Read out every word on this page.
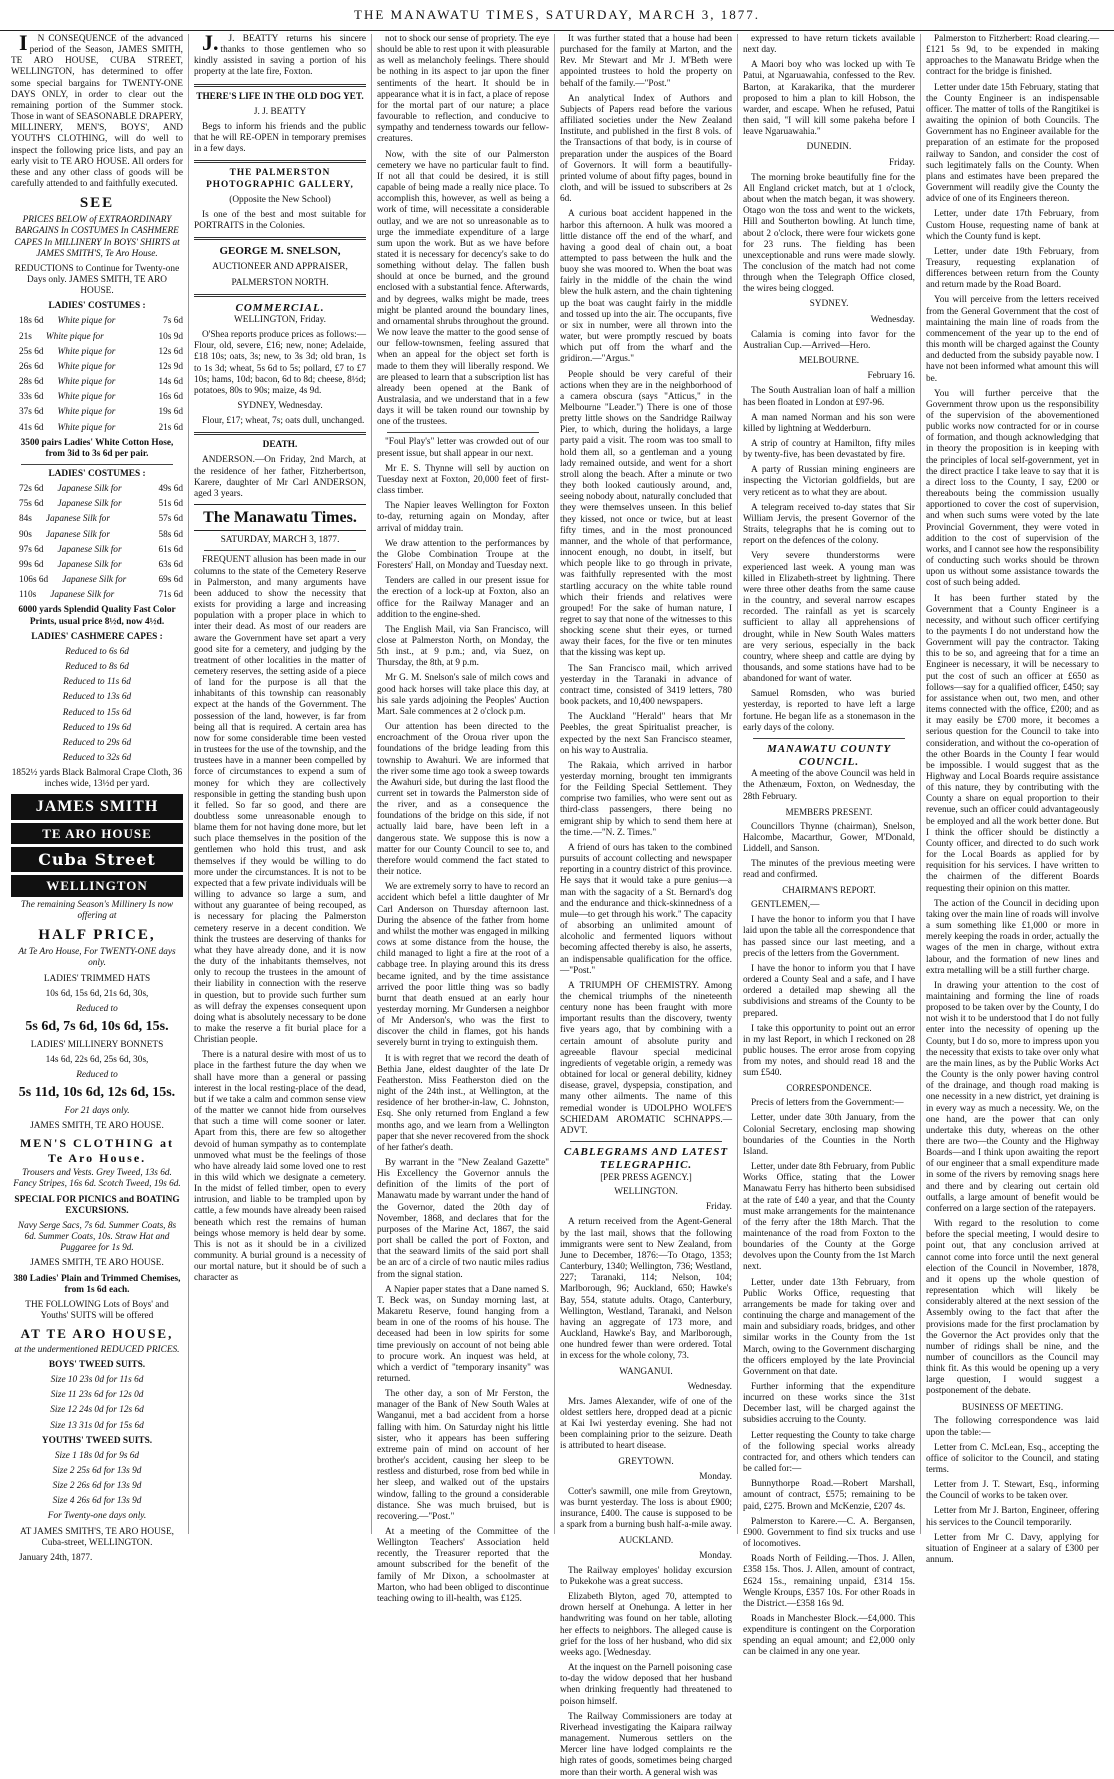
THE MANAWATU TIMES, SATURDAY, MARCH 3, 1877.

IN CONSEQUENCE of the advanced period of the Season, JAMES SMITH, TE ARO HOUSE, CUBA STREET, WELLINGTON, has determined to offer some special bargains for TWENTY-ONE DAYS ONLY, in order to clear out the remaining portion of the Summer stock. Those in want of SEASONABLE DRAPERY, MILLINERY, MEN'S, BOYS', AND YOUTH'S CLOTHING, will do well to inspect the following price lists, and pay an early visit to TE ARO HOUSE. All orders for these and any other class of goods will be carefully attended to and faithfully executed.

SEE

PRICES BELOW of EXTRAORDINARY BARGAINS In COSTUMES In CASHMERE CAPES In MILLINERY In BOYS' SHIRTS at JAMES SMITH'S, Te Aro House.

REDUCTIONS to Continue for Twenty-one Days only. JAMES SMITH, TE ARO HOUSE.

LADIES' COSTUMES :

18s 6d	White pique for	7s 6d

21s	White pique for	10s 9d

25s 6d	White pique for	12s 6d

26s 6d	White pique for	12s 9d

28s 6d	White pique for	14s 6d

33s 6d	White pique for	16s 6d

37s 6d	White pique for	19s 6d

41s 6d	White pique for	21s 6d

3500 pairs Ladies' White Cotton Hose, from 3id to 3s 6d per pair.

LADIES' COSTUMES :

72s 6d	Japanese Silk for	49s 6d

75s 6d	Japanese Silk for	51s 6d

84s	Japanese Silk for	57s 6d

90s	Japanese Silk for	58s 6d

97s 6d	Japanese Silk for	61s 6d

99s 6d	Japanese Silk for	63s 6d

106s 6d	Japanese Silk for	69s 6d

110s	Japanese Silk for	71s 6d

6000 yards Splendid Quality Fast Color Prints, usual price 8½d, now 4½d.

LADIES' CASHMERE CAPES :

Reduced to 6s 6d

Reduced to 8s 6d

Reduced to 11s 6d

Reduced to 13s 6d

Reduced to 15s 6d

Reduced to 19s 6d

Reduced to 29s 6d

Reduced to 32s 6d

1852½ yards Black Balmoral Crape Cloth, 36 inches wide, 13½d per yard.

JAMES SMITH
TE ARO HOUSE
Cuba Street
WELLINGTON

The remaining Season's Millinery Is now offering at

HALF PRICE,

At Te Aro House, For TWENTY-ONE days only.

LADIES' TRIMMED HATS

10s 6d, 15s 6d, 21s 6d, 30s,

Reduced to

5s 6d, 7s 6d, 10s 6d, 15s.

LADIES' MILLINERY BONNETS

14s 6d, 22s 6d, 25s 6d, 30s,

Reduced to

5s 11d, 10s 6d, 12s 6d, 15s.

For 21 days only.

JAMES SMITH, TE ARO HOUSE.

MEN'S CLOTHING at Te Aro House.

Trousers and Vests. Grey Tweed, 13s 6d. Fancy Stripes, 16s 6d. Scotch Tweed, 19s 6d.

SPECIAL FOR PICNICS and BOATING EXCURSIONS.

Navy Serge Sacs, 7s 6d. Summer Coats, 8s 6d. Summer Coats, 10s. Straw Hat and Puggaree for 1s 9d.

JAMES SMITH, TE ARO HOUSE.

380 Ladies' Plain and Trimmed Chemises, from 1s 6d each.

THE FOLLOWING Lots of Boys' and Youths' SUITS will be offered

AT TE ARO HOUSE,

at the undermentioned REDUCED PRICES.

BOYS' TWEED SUITS.

Size 10 23s 0d for 11s 6d

Size 11 23s 6d for 12s 0d

Size 12 24s 0d for 12s 6d

Size 13 31s 0d for 15s 6d

YOUTHS' TWEED SUITS.

Size 1 18s 0d for 9s 6d

Size 2 25s 6d for 13s 9d

Size 2 26s 6d for 13s 9d

Size 4 26s 6d for 13s 9d

For Twenty-one days only.

AT JAMES SMITH'S, TE ARO HOUSE, Cuba-street, WELLINGTON.

January 24th, 1877.

J.J. BEATTY returns his sincere thanks to those gentlemen who so kindly assisted in saving a portion of his property at the late fire, Foxton.

THERE'S LIFE IN THE OLD DOG YET.

J. J. BEATTY

Begs to inform his friends and the public that he will RE-OPEN in temporary premises in a few days.

THE PALMERSTON PHOTOGRAPHIC GALLERY,

(Opposite the New School)

Is one of the best and most suitable for PORTRAITS in the Colonies.

GEORGE M. SNELSON,

AUCTIONEER AND APPRAISER,

PALMERSTON NORTH.

COMMERCIAL.

WELLINGTON, Friday.

O'Shea reports produce prices as follows:—Flour, old, severe, £16; new, none; Adelaide, £18 10s; oats, 3s; new, to 3s 3d; old bran, 1s to 1s 3d; wheat, 5s 6d to 5s; pollard, £7 to £7 10s; hams, 10d; bacon, 6d to 8d; cheese, 8½d; potatoes, 80s to 90s; maize, 4s 9d.

SYDNEY, Wednesday.

Flour, £17; wheat, 7s; oats dull, unchanged.

DEATH.

ANDERSON.—On Friday, 2nd March, at the residence of her father, Fitzherbertson, Karere, daughter of Mr Carl ANDERSON, aged 3 years.

The Manawatu Times.

SATURDAY, MARCH 3, 1877.

FREQUENT allusion has been made in our columns to the state of the Cemetery Reserve in Palmerston, and many arguments have been adduced to show the necessity that exists for providing a large and increasing population with a proper place in which to inter their dead. As most of our readers are aware the Government have set apart a very good site for a cemetery, and judging by the treatment of other localities in the matter of cemetery reserves, the setting aside of a piece of land for the purpose is all that the inhabitants of this township can reasonably expect at the hands of the Government. The possession of the land, however, is far from being all that is required. A certain area has now for some considerable time been vested in trustees for the use of the township, and the trustees have in a manner been compelled by force of circumstances to expend a sum of money for which they are collectively responsible in getting the standing bush upon it felled. So far so good, and there are doubtless some unreasonable enough to blame them for not having done more, but let such place themselves in the position of the gentlemen who hold this trust, and ask themselves if they would be willing to do more under the circumstances. It is not to be expected that a few private individuals will be willing to advance so large a sum, and without any guarantee of being recouped, as is necessary for placing the Palmerston cemetery reserve in a decent condition. We think the trustees are deserving of thanks for what they have already done, and it is now the duty of the inhabitants themselves, not only to recoup the trustees in the amount of their liability in connection with the reserve in question, but to provide such further sum as will defray the expenses consequent upon doing what is absolutely necessary to be done to make the reserve a fit burial place for a Christian people.

There is a natural desire with most of us to place in the farthest future the day when we shall have more than a general or passing interest in the local resting-place of the dead, but if we take a calm and common sense view of the matter we cannot hide from ourselves that such a time will come sooner or later. Apart from this, there are few so altogether devoid of human sympathy as to contemplate unmoved what must be the feelings of those who have already laid some loved one to rest in this wild which we designate a cemetery. In the midst of felled timber, open to every intrusion, and liable to be trampled upon by cattle, a few mounds have already been raised beneath which rest the remains of human beings whose memory is held dear by some. This is not as it should be in a civilized community. A burial ground is a necessity of our mortal nature, but it should be of such a character as

not to shock our sense of propriety. The eye should be able to rest upon it with pleasurable as well as melancholy feelings. There should be nothing in its aspect to jar upon the finer sentiments of the heart. It should be in appearance what it is in fact, a place of repose for the mortal part of our nature; a place favourable to reflection, and conducive to sympathy and tenderness towards our fellow-creatures.

Now, with the site of our Palmerston cemetery we have no particular fault to find. If not all that could be desired, it is still capable of being made a really nice place. To accomplish this, however, as well as being a work of time, will necessitate a considerable outlay, and we are not so unreasonable as to urge the immediate expenditure of a large sum upon the work. But as we have before stated it is necessary for decency's sake to do something without delay. The fallen bush should at once be burned, and the ground enclosed with a substantial fence. Afterwards, and by degrees, walks might be made, trees might be planted around the boundary lines, and ornamental shrubs throughout the ground. We now leave the matter to the good sense of our fellow-townsmen, feeling assured that when an appeal for the object set forth is made to them they will liberally respond. We are pleased to learn that a subscription list has already been opened at the Bank of Australasia, and we understand that in a few days it will be taken round our township by one of the trustees.

"Foul Play's" letter was crowded out of our present issue, but shall appear in our next.

Mr E. S. Thynne will sell by auction on Tuesday next at Foxton, 20,000 feet of first-class timber.

The Napier leaves Wellington for Foxton to-day, returning again on Monday, after arrival of midday train.

We draw attention to the performances by the Globe Combination Troupe at the Foresters' Hall, on Monday and Tuesday next.

Tenders are called in our present issue for the erection of a lock-up at Foxton, also an office for the Railway Manager and an addition to the engine-shed.

The English Mail, via San Francisco, will close at Palmerston North, on Monday, the 5th inst., at 9 p.m.; and, via Suez, on Thursday, the 8th, at 9 p.m.

Mr G. M. Snelson's sale of milch cows and good hack horses will take place this day, at his sale yards adjoining the Peoples' Auction Mart. Sale commences at 2 o'clock p.m.

Our attention has been directed to the encroachment of the Oroua river upon the foundations of the bridge leading from this township to Awahuri. We are informed that the river some time ago took a sweep towards the Awahuri side, but during the last flood the current set in towards the Palmerston side of the river, and as a consequence the foundations of the bridge on this side, if not actually laid bare, have been left in a dangerous state. We suppose this is now a matter for our County Council to see to, and therefore would commend the fact stated to their notice.

We are extremely sorry to have to record an accident which befel a little daughter of Mr Carl Anderson on Thursday afternoon last. During the absence of the father from home and whilst the mother was engaged in milking cows at some distance from the house, the child managed to light a fire at the root of a cabbage tree. In playing around this its dress became ignited, and by the time assistance arrived the poor little thing was so badly burnt that death ensued at an early hour yesterday morning. Mr Gundersen a neighbor of Mr Anderson's, who was the first to discover the child in flames, got his hands severely burnt in trying to extinguish them.

It is with regret that we record the death of Bethia Jane, eldest daughter of the late Dr Featherston. Miss Featherston died on the night of the 24th inst., at Wellington, at the residence of her brother-in-law, C. Johnston, Esq. She only returned from England a few months ago, and we learn from a Wellington paper that she never recovered from the shock of her father's death.

By warrant in the "New Zealand Gazette" His Excellency the Governor annuls the definition of the limits of the port of Manawatu made by warrant under the hand of the Governor, dated the 20th day of November, 1868, and declares that for the purposes of the Marine Act, 1867, the said port shall be called the port of Foxton, and that the seaward limits of the said port shall be an arc of a circle of two nautic miles radius from the signal station.

A Napier paper states that a Dane named S. T. Beck was, on Sunday morning last, at Makaretu Reserve, found hanging from a beam in one of the rooms of his house. The deceased had been in low spirits for some time previously on account of not being able to procure work. An inquest was held, at which a verdict of "temporary insanity" was returned.

The other day, a son of Mr Ferston, the manager of the Bank of New South Wales at Wanganui, met a bad accident from a horse falling with him. On Saturday night his little sister, who it appears has been suffering extreme pain of mind on account of her brother's accident, causing her sleep to be restless and disturbed, rose from bed while in her sleep, and walked out of the upstairs window, falling to the ground a considerable distance. She was much bruised, but is recovering.—"Post."

At a meeting of the Committee of the Wellington Teachers' Association held recently, the Treasurer reported that the amount subscribed for the benefit of the family of Mr Dixon, a schoolmaster at Marton, who had been obliged to discontinue teaching owing to ill-health, was £125.

It was further stated that a house had been purchased for the family at Marton, and the Rev. Mr Stewart and Mr J. M'Beth were appointed trustees to hold the property on behalf of the family.—"Post."

An analytical Index of Authors and Subjects of Papers read before the various affiliated societies under the New Zealand Institute, and published in the first 8 vols. of the Transactions of that body, is in course of preparation under the auspices of the Board of Governors. It will form a beautifully-printed volume of about fifty pages, bound in cloth, and will be issued to subscribers at 2s 6d.

A curious boat accident happened in the harbor this afternoon. A hulk was moored a little distance off the end of the wharf, and having a good deal of chain out, a boat attempted to pass between the hulk and the buoy she was moored to. When the boat was fairly in the middle of the chain the wind blew the hulk astern, and the chain tightening up the boat was caught fairly in the middle and tossed up into the air. The occupants, five or six in number, were all thrown into the water, but were promptly rescued by boats which put off from the wharf and the gridiron.—"Argus."

People should be very careful of their actions when they are in the neighborhood of a camera obscura (says "Atticus," in the Melbourne "Leader.") There is one of those pretty little shows on the Sandridge Railway Pier, to which, during the holidays, a large party paid a visit. The room was too small to hold them all, so a gentleman and a young lady remained outside, and went for a short stroll along the beach. After a minute or two they both looked cautiously around, and, seeing nobody about, naturally concluded that they were themselves unseen. In this belief they kissed, not once or twice, but at least fifty times, and in the most pronounced manner, and the whole of that performance, innocent enough, no doubt, in itself, but which people like to go through in private, was faithfully represented with the most startling accuracy on the white table round which their friends and relatives were grouped! For the sake of human nature, I regret to say that none of the witnesses to this shocking scene shut their eyes, or turned away their faces, for the five or ten minutes that the kissing was kept up.

The San Francisco mail, which arrived yesterday in the Taranaki in advance of contract time, consisted of 3419 letters, 780 book packets, and 10,400 newspapers.

The Auckland "Herald" hears that Mr Peebles, the great Spiritualist preacher, is expected by the next San Francisco steamer, on his way to Australia.

The Rakaia, which arrived in harbor yesterday morning, brought ten immigrants for the Feilding Special Settlement. They comprise two families, who were sent out as third-class passengers, there being no emigrant ship by which to send them here at the time.—"N. Z. Times."

A friend of ours has taken to the combined pursuits of account collecting and newspaper reporting in a country district of this province. He says that it would take a pure genius—a man with the sagacity of a St. Bernard's dog and the endurance and thick-skinnedness of a mule—to get through his work." The capacity of absorbing an unlimited amount of alcoholic and fermented liquors without becoming affected thereby is also, he asserts, an indispensable qualification for the office.—"Post."

A TRIUMPH OF CHEMISTRY. Among the chemical triumphs of the nineteenth century none has been fraught with more important results than the discovery, twenty five years ago, that by combining with a certain amount of absolute purity and agreeable flavour special medicinal ingredients of vegetable origin, a remedy was obtained for local or general debility, kidney disease, gravel, dyspepsia, constipation, and many other ailments. The name of this remedial wonder is UDOLPHO WOLFE'S SCHIEDAM AROMATIC SCHNAPPS.—ADVT.

CABLEGRAMS AND LATEST TELEGRAPHIC.

[PER PRESS AGENCY.]

WELLINGTON.

Friday.

A return received from the Agent-General by the last mail, shows that the following immigrants were sent to New Zealand, from June to December, 1876:—To Otago, 1353; Canterbury, 1340; Wellington, 736; Westland, 227; Taranaki, 114; Nelson, 104; Marlborough, 96; Auckland, 650; Hawke's Bay, 554, statute adults. Otago, Canterbury, Wellington, Westland, Taranaki, and Nelson having an aggregate of 173 more, and Auckland, Hawke's Bay, and Marlborough, one hundred fewer than were ordered. Total in excess for the whole colony, 73.

WANGANUI.

Wednesday.

Mrs. James Alexander, wife of one of the oldest settlers here, dropped dead at a picnic at Kai Iwi yesterday evening. She had not been complaining prior to the seizure. Death is attributed to heart disease.

GREYTOWN.

Monday.

Cotter's sawmill, one mile from Greytown, was burnt yesterday. The loss is about £900; insurance, £400. The cause is supposed to be a spark from a burning bush half-a-mile away.

AUCKLAND.

Monday.

The Railway employes' holiday excursion to Pukekohe was a great success.

Elizabeth Blyton, aged 70, attempted to drown herself at Onehunga. A letter in her handwriting was found on her table, alloting her effects to neighbors. The alleged cause is grief for the loss of her husband, who did six weeks ago. [Wednesday.

At the inquest on the Parnell poisoning case to-day the widow deposed that her husband when drinking frequently had threatened to poison himself.

The Railway Commissioners are today at Riverhead investigating the Kaipara railway management. Numerous settlers on the Mercer line have lodged complaints re the high rates of goods, sometimes being charged more than their worth. A general wish was

expressed to have return tickets available next day.

A Maori boy who was locked up with Te Patui, at Ngaruawahia, confessed to the Rev. Barton, at Karakarika, that the murderer proposed to him a plan to kill Hobson, the warder, and escape. When he refused, Patui then said, "I will kill some pakeha before I leave Ngaruawahia."

DUNEDIN.

Friday.

The morning broke beautifully fine for the All England cricket match, but at 1 o'clock, about when the match began, it was showery. Otago won the toss and went to the wickets, Hill and Southerton bowling. At lunch time, about 2 o'clock, there were four wickets gone for 23 runs. The fielding has been unexceptionable and runs were made slowly. The conclusion of the match had not come through when the Telegraph Office closed, the wires being clogged.

SYDNEY.

Wednesday.

Calamia is coming into favor for the Australian Cup.—Arrived—Hero.

MELBOURNE.

February 16.

The South Australian loan of half a million has been floated in London at £97-96.

A man named Norman and his son were killed by lightning at Wedderburn.

A strip of country at Hamilton, fifty miles by twenty-five, has been devastated by fire.

A party of Russian mining engineers are inspecting the Victorian goldfields, but are very reticent as to what they are about.

A telegram received to-day states that Sir William Jervis, the present Governor of the Straits, telegraphs that he is coming out to report on the defences of the colony.

Very severe thunderstorms were experienced last week. A young man was killed in Elizabeth-street by lightning. There were three other deaths from the same cause in the country, and several narrow escapes recorded. The rainfall as yet is scarcely sufficient to allay all apprehensions of drought, while in New South Wales matters are very serious, especially in the back country, where sheep and cattle are dying by thousands, and some stations have had to be abandoned for want of water.

Samuel Romsden, who was buried yesterday, is reported to have left a large fortune. He began life as a stonemason in the early days of the colony.

MANAWATU COUNTY COUNCIL.

A meeting of the above Council was held in the Athenæum, Foxton, on Wednesday, the 28th February.

MEMBERS PRESENT.

Councillors Thynne (chairman), Snelson, Halcombe, Macarthur, Gower, M'Donald, Liddell, and Sanson.

The minutes of the previous meeting were read and confirmed.

CHAIRMAN'S REPORT.

GENTLEMEN,—

I have the honor to inform you that I have laid upon the table all the correspondence that has passed since our last meeting, and a precis of the letters from the Government.

I have the honor to inform you that I have ordered a County Seal and a safe, and I have ordered a detailed map shewing all the subdivisions and streams of the County to be prepared.

I take this opportunity to point out an error in my last Report, in which I reckoned on 28 public houses. The error arose from copying from my notes, and should read 18 and the sum £540.

CORRESPONDENCE.

Precis of letters from the Government:—

Letter, under date 30th January, from the Colonial Secretary, enclosing map showing boundaries of the Counties in the North Island.

Letter, under date 8th February, from Public Works Office, stating that the Lower Manawatu Ferry has hitherto been subsidised at the rate of £40 a year, and that the County must make arrangements for the maintenance of the ferry after the 18th March. That the maintenance of the road from Foxton to the boundaries of the County at the Gorge devolves upon the County from the 1st March next.

Letter, under date 13th February, from Public Works Office, requesting that arrangements be made for taking over and continuing the charge and management of the main and subsidiary roads, bridges, and other similar works in the County from the 1st March, owing to the Government discharging the officers employed by the late Provincial Government on that date.

Further informing that the expenditure incurred on these works since the 31st December last, will be charged against the subsidies accruing to the County.

Letter requesting the County to take charge of the following special works already contracted for, and others which tenders can be called for:—

Bunnythorpe Road.—Robert Marshall, amount of contract, £575; remaining to be paid, £275. Brown and McKenzie, £207 4s.

Palmerston to Karere.—C. A. Bergansen, £900. Government to find six trucks and use of locomotives.

Roads North of Feilding.—Thos. J. Allen, £358 15s. Thos. J. Allen, amount of contract, £624 15s., remaining unpaid, £314 15s. Wengle Kroups, £357 10s. For other Roads in the District.—£358 16s 9d.

Roads in Manchester Block.—£4,000. This expenditure is contingent on the Corporation spending an equal amount; and £2,000 only can be claimed in any one year.

Palmerston to Fitzherbert: Road clearing.—£121 5s 9d, to be expended in making approaches to the Manawatu Bridge when the contract for the bridge is finished.

Letter under date 15th February, stating that the County Engineer is an indispensable officer. The matter of tolls of the Rangitikei is awaiting the opinion of both Councils. The Government has no Engineer available for the preparation of an estimate for the proposed railway to Sandon, and consider the cost of such legitimately falls on the County. When plans and estimates have been prepared the Government will readily give the County the advice of one of its Engineers thereon.

Letter, under date 17th February, from Custom House, requesting name of bank at which the County fund is kept.

Letter, under date 19th February, from Treasury, requesting explanation of differences between return from the County and return made by the Road Board.

You will perceive from the letters received from the General Government that the cost of maintaining the main line of roads from the commencement of the year up to the end of this month will be charged against the County and deducted from the subsidy payable now. I have not been informed what amount this will be.

You will further perceive that the Government throw upon us the responsibility of the supervision of the abovementioned public works now contracted for or in course of formation, and though acknowledging that in theory the proposition is in keeping with the principles of local self-government, yet in the direct practice I take leave to say that it is a direct loss to the County, I say, £200 or thereabouts being the commission usually apportioned to cover the cost of supervision, and when such sums were voted by the late Provincial Government, they were voted in addition to the cost of supervision of the works, and I cannot see how the responsibility of conducting such works should be thrown upon us without some assistance towards the cost of such being added.

It has been further stated by the Government that a County Engineer is a necessity, and without such officer certifying to the payments I do not understand how the Government will pay the contractor. Taking this to be so, and agreeing that for a time an Engineer is necessary, it will be necessary to put the cost of such an officer at £650 as follows—say for a qualified officer, £450; say for assistance when out, two men, and other items connected with the office, £200; and as it may easily be £700 more, it becomes a serious question for the Council to take into consideration, and without the co-operation of the other Boards in the County I fear would be impossible. I would suggest that as the Highway and Local Boards require assistance of this nature, they by contributing with the County a share on equal proportion to their revenue, such an officer could advantageously be employed and all the work better done. But I think the officer should be distinctly a County officer, and directed to do such work for the Local Boards as applied for by requisition for his services. I have written to the chairmen of the different Boards requesting their opinion on this matter.

The action of the Council in deciding upon taking over the main line of roads will involve a sum something like £1,000 or more in merely keeping the roads in order, actually the wages of the men in charge, without extra labour, and the formation of new lines and extra metalling will be a still further charge.

In drawing your attention to the cost of maintaining and forming the line of roads proposed to be taken over by the County, I do not wish it to be understood that I do not fully enter into the necessity of opening up the County, but I do so, more to impress upon you the necessity that exists to take over only what are the main lines, as by the Public Works Act the County is the only power having control of the drainage, and though road making is one necessity in a new district, yet draining is in every way as much a necessity. We, on the one hand, are the power that can only undertake this duty, whereas on the other there are two—the County and the Highway Boards—and I think upon awaiting the report of our engineer that a small expenditure made in some of the rivers by removing snags here and there and by clearing out certain old outfalls, a large amount of benefit would be conferred on a large section of the ratepayers.

With regard to the resolution to come before the special meeting, I would desire to point out, that any conclusion arrived at cannot come into force until the next general election of the Council in November, 1878, and it opens up the whole question of representation which will likely be considerably altered at the next session of the Assembly owing to the fact that after the provisions made for the first proclamation by the Governor the Act provides only that the number of ridings shall be nine, and the number of councillors as the Council may think fit. As this would be opening up a very large question, I would suggest a postponement of the debate.

BUSINESS OF MEETING.

The following correspondence was laid upon the table:—

Letter from C. McLean, Esq., accepting the office of solicitor to the Council, and stating terms.

Letter from J. T. Stewart, Esq., informing the Council of works to be taken over.

Letter from Mr J. Barton, Engineer, offering his services to the Council temporarily.

Letter from Mr C. Davy, applying for situation of Engineer at a salary of £300 per annum.
